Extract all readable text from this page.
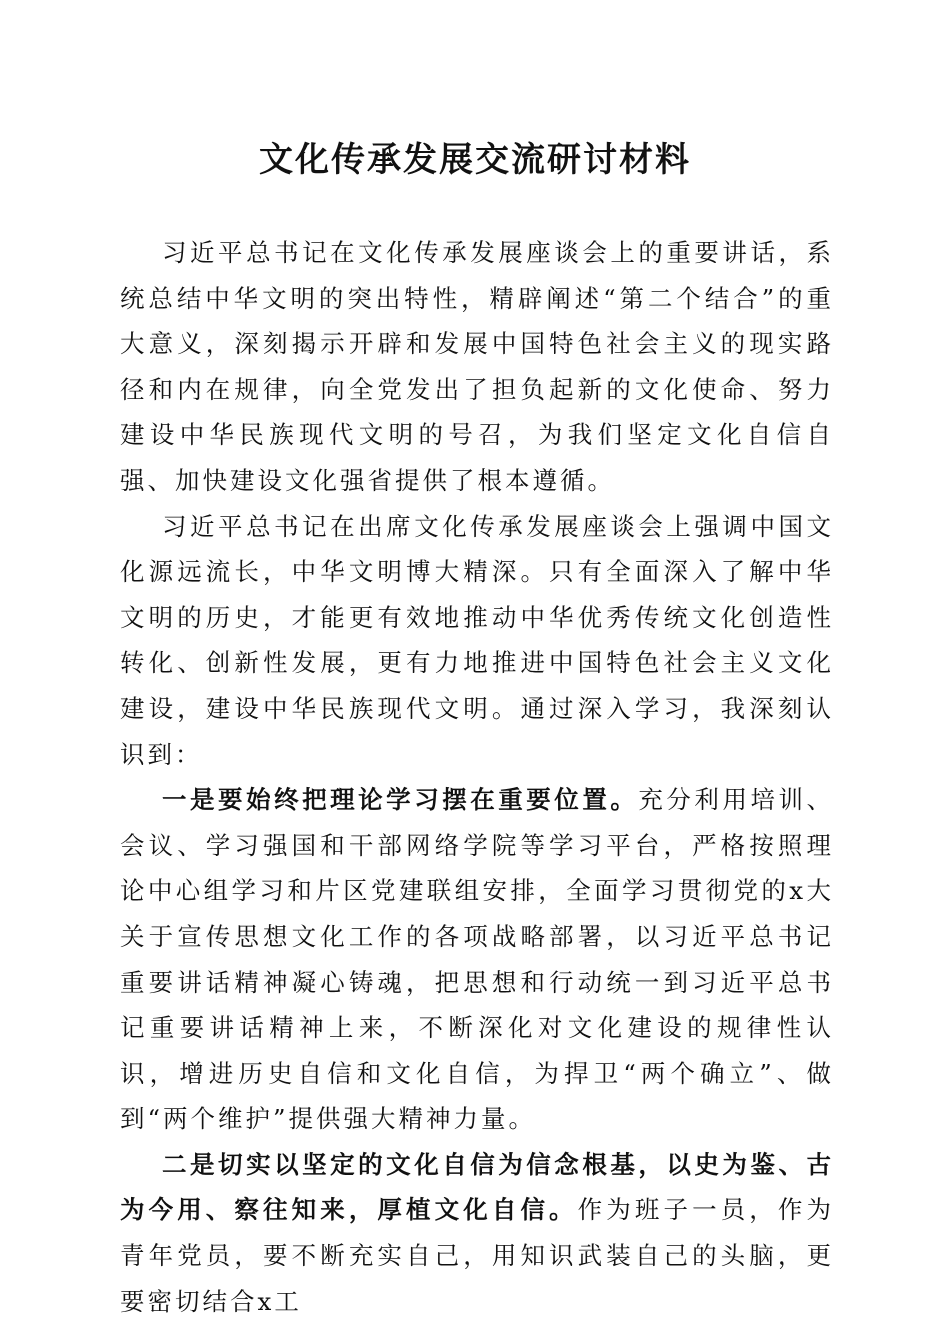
文化传承发展交流研讨材料

习近平总书记在文化传承发展座谈会上的重要讲话，系统总结中华文明的突出特性，精辟阐述“第二个结合”的重大意义，深刻揭示开辟和发展中国特色社会主义的现实路径和内在规律，向全党发出了担负起新的文化使命、努力建设中华民族现代文明的号召，为我们坚定文化自信自强、加快建设文化强省提供了根本遵循。

习近平总书记在出席文化传承发展座谈会上强调中国文化源远流长，中华文明博大精深。只有全面深入了解中华文明的历史，才能更有效地推动中华优秀传统文化创造性转化、创新性发展，更有力地推进中国特色社会主义文化建设，建设中华民族现代文明。通过深入学习，我深刻认识到：

一是要始终把理论学习摆在重要位置。充分利用培训、会议、学习强国和干部网络学院等学习平台，严格按照理论中心组学习和片区党建联组安排，全面学习贯彻党的x大关于宣传思想文化工作的各项战略部署，以习近平总书记重要讲话精神凝心铸魂，把思想和行动统一到习近平总书记重要讲话精神上来，不断深化对文化建设的规律性认识，增进历史自信和文化自信，为捍卫“两个确立”、做到“两个维护”提供强大精神力量。

二是切实以坚定的文化自信为信念根基，以史为鉴、古为今用、察往知来，厚植文化自信。作为班子一员，作为青年党员，要不断充实自己，用知识武装自己的头脑，更要密切结合x工
